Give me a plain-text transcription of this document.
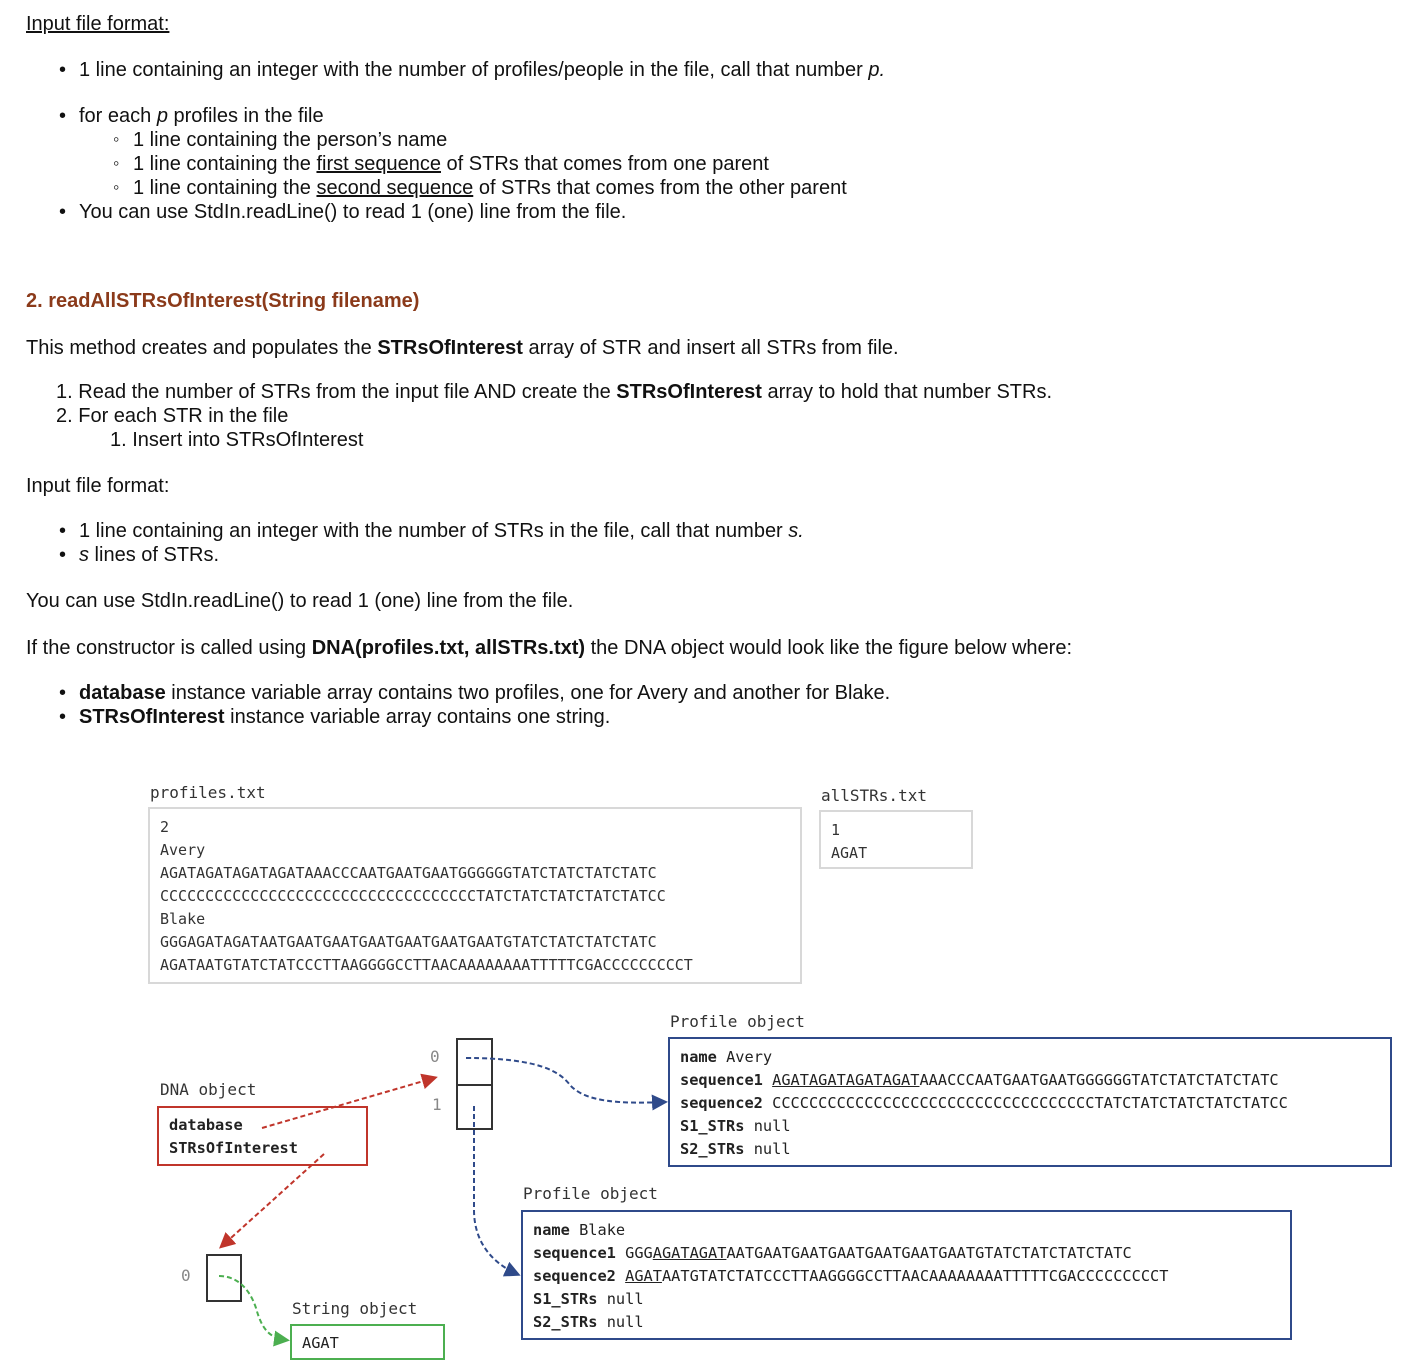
Input file format:
• 1 line containing an integer with the number of profiles/people in the file, call that number p.
• for each p profiles in the file
◦ 1 line containing the person’s name
◦ 1 line containing the first sequence of STRs that comes from one parent
◦ 1 line containing the second sequence of STRs that comes from the other parent
• You can use StdIn.readLine() to read 1 (one) line from the file.
2. readAllSTRsOfInterest(String filename)
This method creates and populates the STRsOfInterest array of STR and insert all STRs from file.
1. Read the number of STRs from the input file AND create the STRsOfInterest array to hold that number STRs.
2. For each STR in the file
1. Insert into STRsOfInterest
Input file format:
• 1 line containing an integer with the number of STRs in the file, call that number s.
• s lines of STRs.
You can use StdIn.readLine() to read 1 (one) line from the file.
If the constructor is called using DNA(profiles.txt, allSTRs.txt) the DNA object would look like the figure below where:
• database instance variable array contains two profiles, one for Avery and another for Blake.
• STRsOfInterest instance variable array contains one string.
profiles.txt
2
Avery
AGATAGATAGATAGATAAACCCAATGAATGAATGGGGGGTATCTATCTATCTATC
CCCCCCCCCCCCCCCCCCCCCCCCCCCCCCCCCCCTATCTATCTATCTATCTATCC
Blake
GGGAGATAGATAATGAATGAATGAATGAATGAATGAATGTATCTATCTATCTATC
AGATAATGTATCTATCCCTTAAGGGGCCTTAACAAAAAAAATTTTTCGACCCCCCCCCT
allSTRs.txt
1
AGAT
DNA object
database
STRsOfInterest
0
1
0
String object
AGAT
Profile object
name Avery
sequence1 AGATAGATAGATAGATAAACCCAATGAATGAATGGGGGGTATCTATCTATCTATC
sequence2 CCCCCCCCCCCCCCCCCCCCCCCCCCCCCCCCCCCTATCTATCTATCTATCTATCC
S1_STRs null
S2_STRs null
Profile object
name Blake
sequence1 GGGAGATAGATAATGAATGAATGAATGAATGAATGAATGTATCTATCTATCTATC
sequence2 AGATAATGTATCTATCCCTTAAGGGGCCTTAACAAAAAAAATTTTTCGACCCCCCCCCT
S1_STRs null
S2_STRs null
